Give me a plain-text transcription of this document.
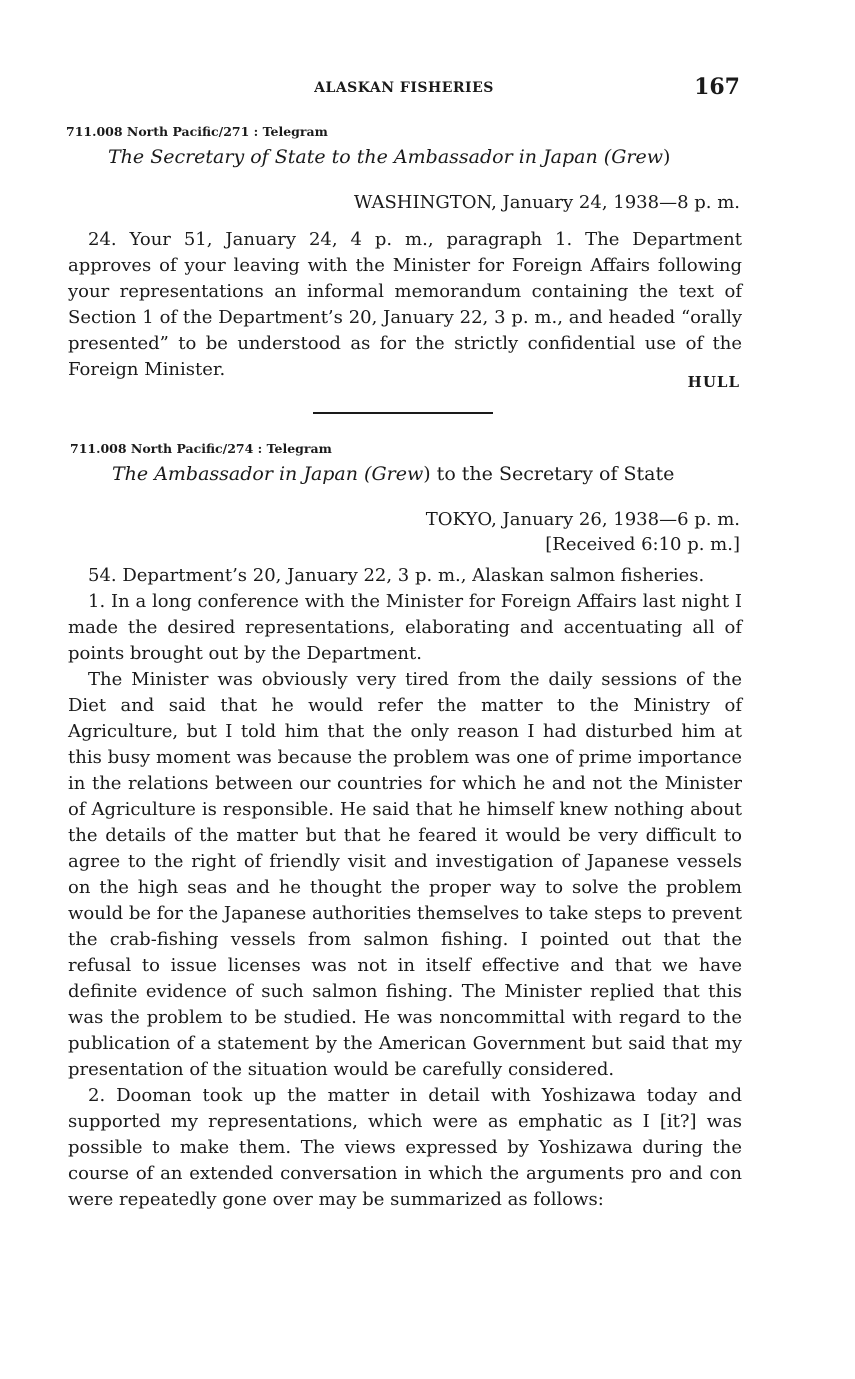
ALASKAN FISHERIES	167
711.008 North Pacific/271 : Telegram
The Secretary of State to the Ambassador in Japan (Grew)
WASHINGTON, January 24, 1938—8 p. m.

24. Your 51, January 24, 4 p. m., paragraph 1. The Department approves of your leaving with the Minister for Foreign Affairs following your representations an informal memorandum containing the text of Section 1 of the Department’s 20, January 22, 3 p. m., and headed “orally presented” to be understood as for the strictly confidential use of the Foreign Minister.

HULL
711.008 North Pacific/274 : Telegram
The Ambassador in Japan (Grew) to the Secretary of State
TOKYO, January 26, 1938—6 p. m.
[Received 6:10 p. m.]

54. Department’s 20, January 22, 3 p. m., Alaskan salmon fisheries.

1. In a long conference with the Minister for Foreign Affairs last night I made the desired representations, elaborating and accentuating all of points brought out by the Department.

The Minister was obviously very tired from the daily sessions of the Diet and said that he would refer the matter to the Ministry of Agriculture, but I told him that the only reason I had disturbed him at this busy moment was because the problem was one of prime importance in the relations between our countries for which he and not the Minister of Agriculture is responsible. He said that he himself knew nothing about the details of the matter but that he feared it would be very difficult to agree to the right of friendly visit and investigation of Japanese vessels on the high seas and he thought the proper way to solve the problem would be for the Japanese authorities themselves to take steps to prevent the crab-fishing vessels from salmon fishing. I pointed out that the refusal to issue licenses was not in itself effective and that we have definite evidence of such salmon fishing. The Minister replied that this was the problem to be studied. He was noncommittal with regard to the publication of a statement by the American Government but said that my presentation of the situation would be carefully considered.

2. Dooman took up the matter in detail with Yoshizawa today and supported my representations, which were as emphatic as I [it?] was possible to make them. The views expressed by Yoshizawa during the course of an extended conversation in which the arguments pro and con were repeatedly gone over may be summarized as follows:
